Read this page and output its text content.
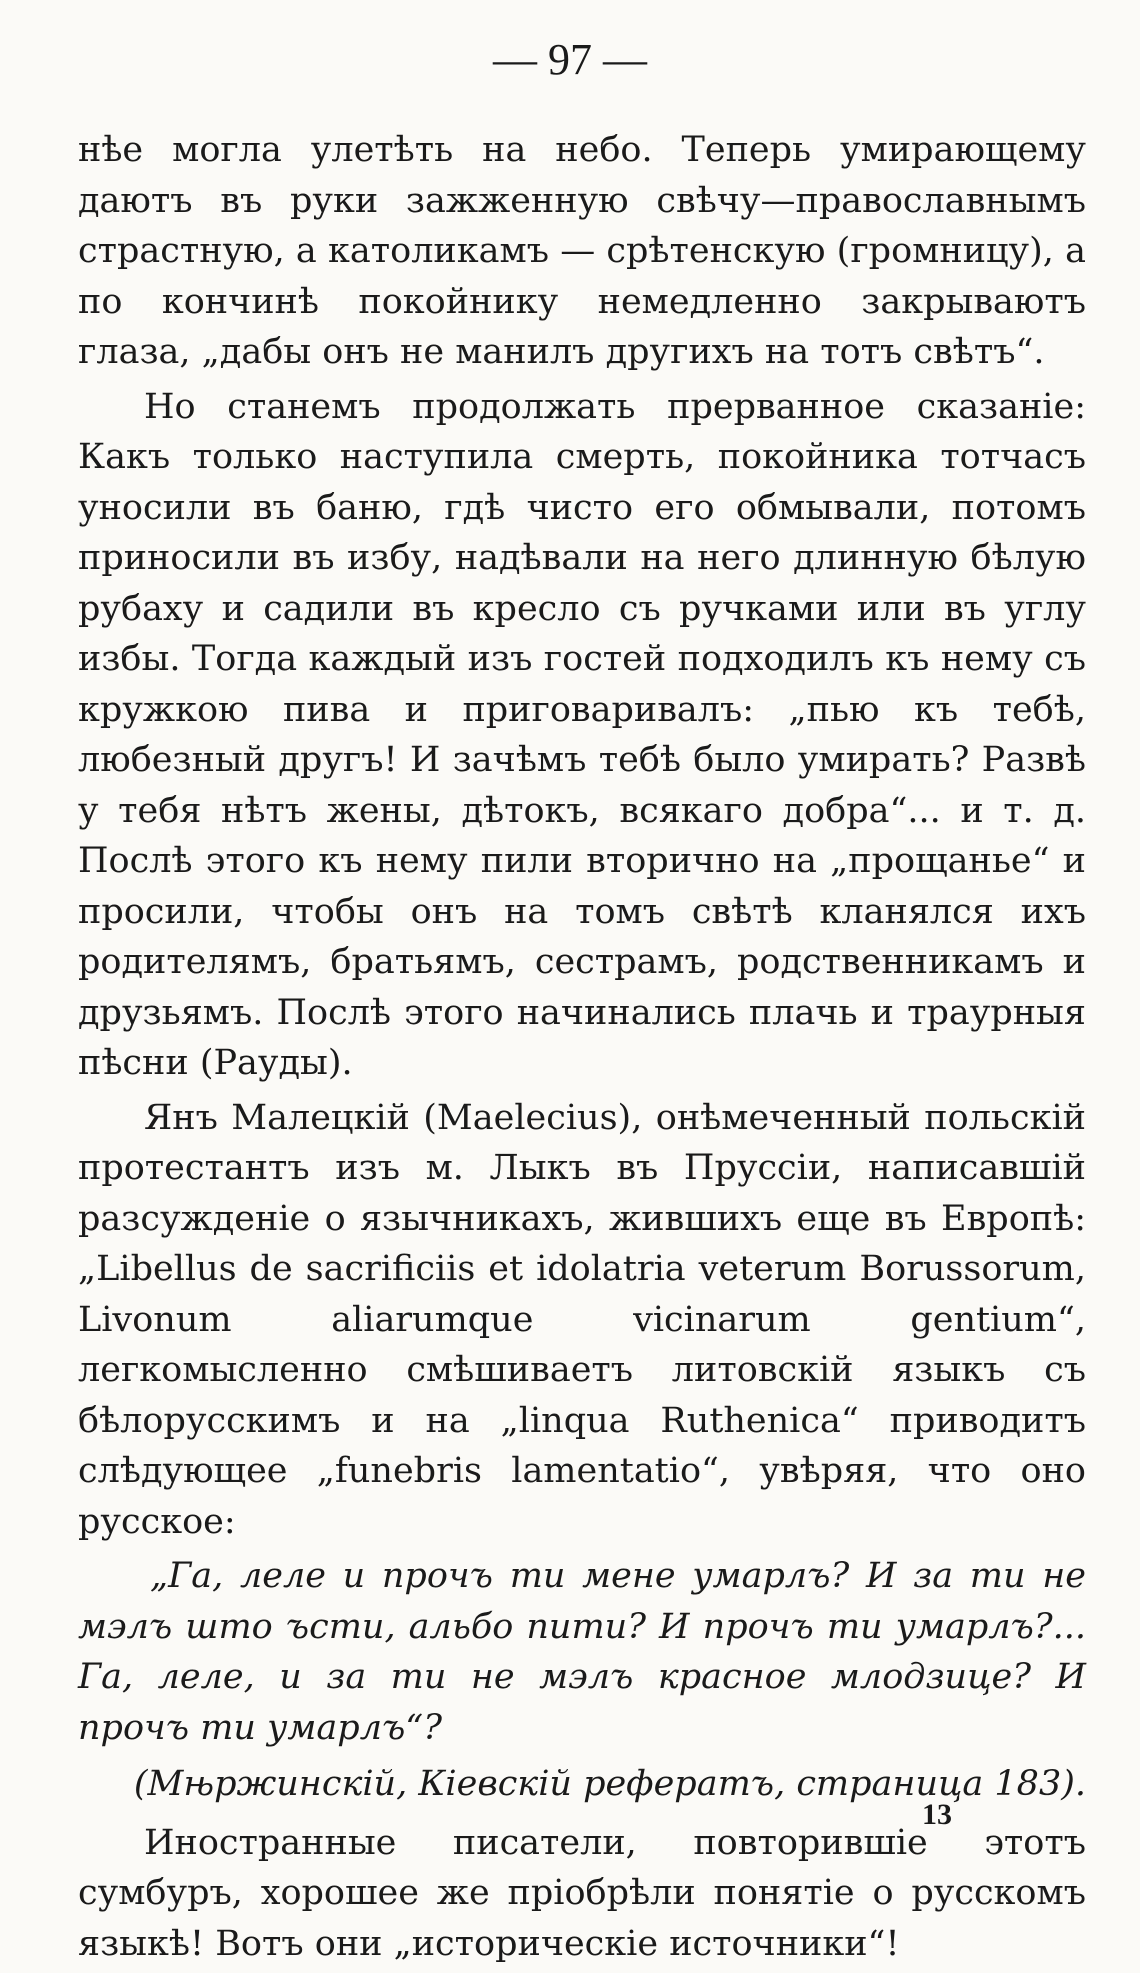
— 97 —

нѣе могла улетѣть на небо. Теперь умирающему даютъ въ руки зажженную свѣчу—православнымъ страстную, а католикамъ — срѣтенскую (громницу), а по кончинѣ покойнику немедленно закрываютъ глаза, „дабы онъ не манилъ другихъ на тотъ свѣтъ“.

Но станемъ продолжать прерванное сказаніе: Какъ только наступила смерть, покойника тотчасъ уносили въ баню, гдѣ чисто его обмывали, потомъ приносили въ избу, надѣвали на него длинную бѣлую рубаху и садили въ кресло съ ручками или въ углу избы. Тогда каждый изъ гостей подходилъ къ нему съ кружкою пива и приговаривалъ: „пью къ тебѣ, любезный другъ! И зачѣмъ тебѣ было умирать? Развѣ у тебя нѣтъ жены, дѣтокъ, всякаго добра“... и т. д. Послѣ этого къ нему пили вторично на „прощанье“ и просили, чтобы онъ на томъ свѣтѣ кланялся ихъ родителямъ, братьямъ, сестрамъ, родственникамъ и друзьямъ. Послѣ этого начинались плачь и траурныя пѣсни (Рауды).

Янъ Малецкій (Maelecius), онѣмеченный польскій протестантъ изъ м. Лыкъ въ Пруссіи, написавшій разсужденіе о язычникахъ, жившихъ еще въ Европѣ: „Libellus de sacrificiis et idolatria veterum Borussorum, Livonum aliarumque vicinarum gentium“, легкомысленно смѣшиваетъ литовскій языкъ съ бѣлорусскимъ и на „linqua Ruthenica“ приводитъ слѣдующее „funebris lamentatio“, увѣряя, что оно русское:

„Га, леле и прочъ ти мене умарлъ? И за ти не мэлъ што ъсти, альбо пити? И прочъ ти умарлъ?... Га, леле, и за ти не мэлъ красное млодзице? И прочъ ти умарлъ“?

(Мњржинскій, Кіевскій рефератъ, страница 183).

Иностранные писатели, повторившіе этотъ сумбуръ, хорошее же пріобрѣли понятіе о русскомъ языкѣ! Вотъ они „историческіе источники“!

13
